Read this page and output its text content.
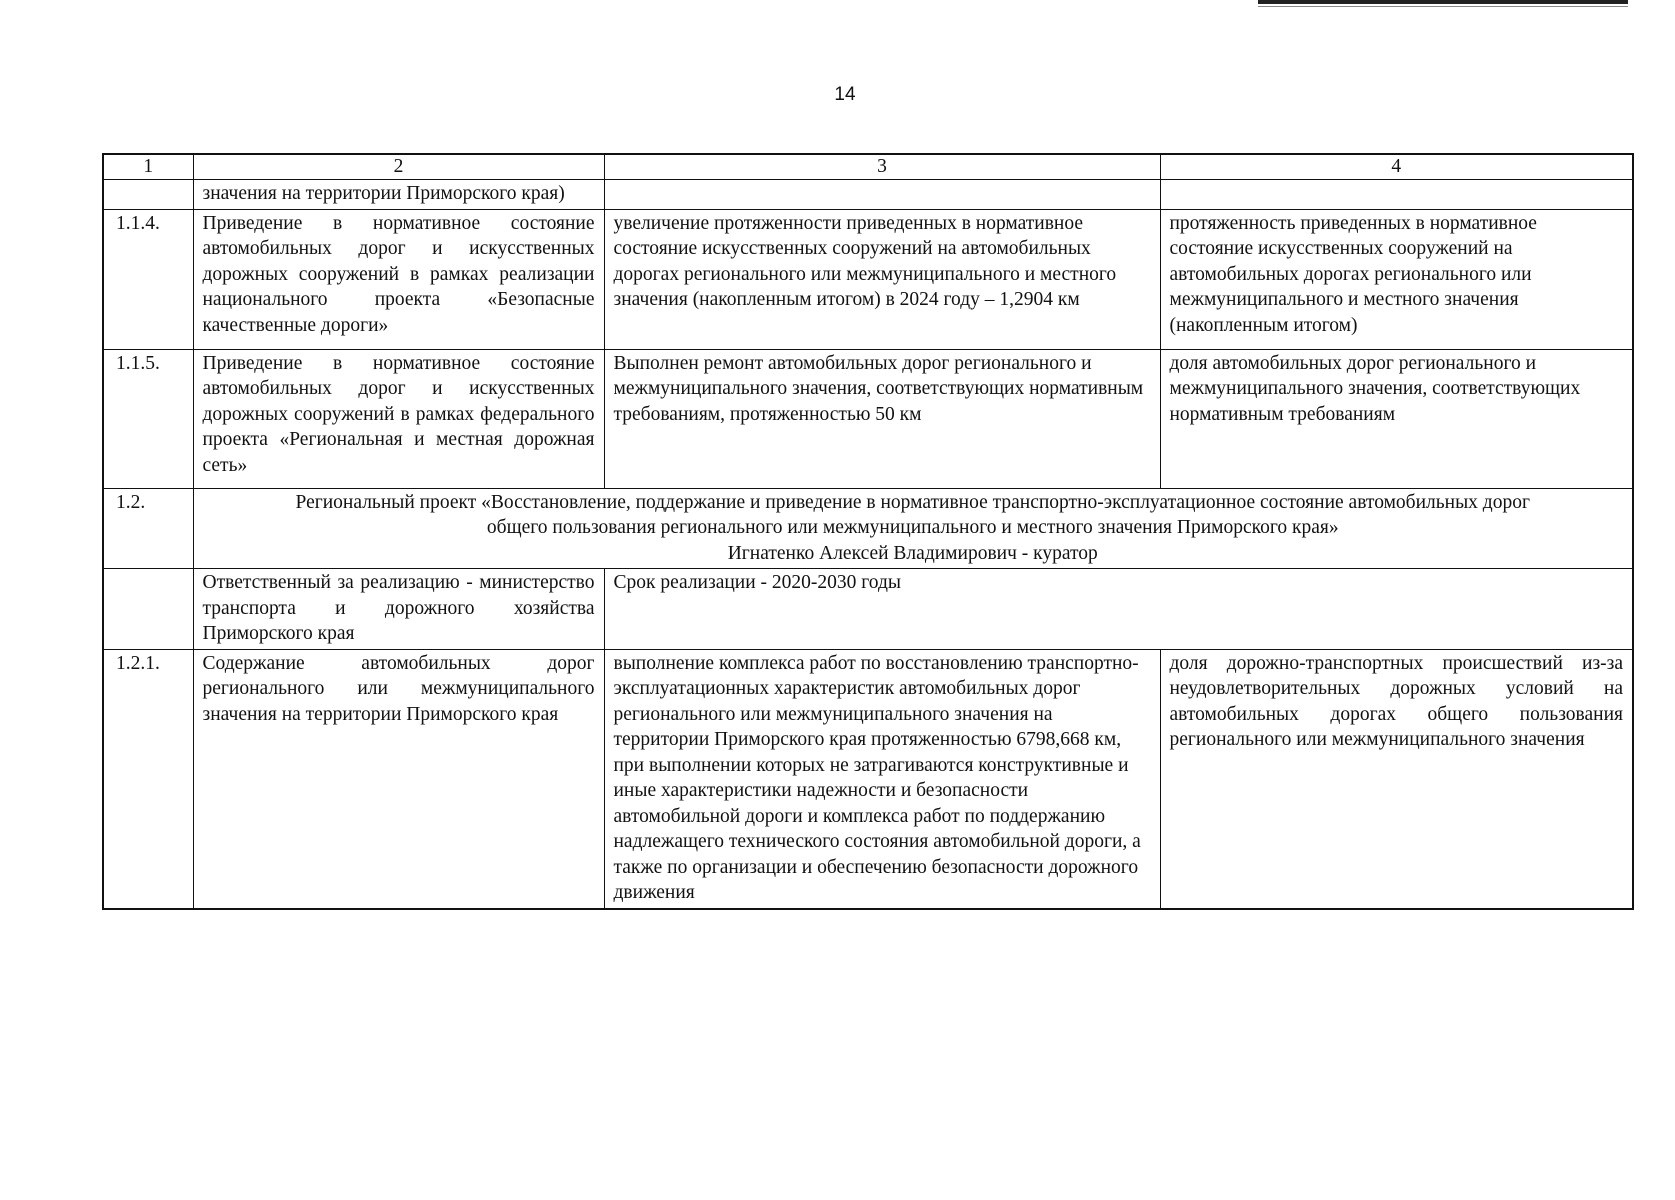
14
1	2	3	4
	значения на территории Приморского края)		
1.1.4.	Приведение в нормативное состояние автомобильных дорог и искусственных дорожных сооружений в рамках реализации национального проекта «Безопасные качественные дороги»	увеличение протяженности приведенных в нормативное состояние искусственных сооружений на автомобильных дорогах регионального или межмуниципального и местного значения (накопленным итогом) в 2024 году – 1,2904 км	протяженность приведенных в нормативное состояние искусственных сооружений на автомобильных дорогах регионального или межмуниципального и местного значения (накопленным итогом)
1.1.5.	Приведение в нормативное состояние автомобильных дорог и искусственных дорожных сооружений в рамках федерального проекта «Региональная и местная дорожная сеть»	Выполнен ремонт автомобильных дорог регионального и межмуниципального значения, соответствующих нормативным требованиям, протяженностью 50 км	доля автомобильных дорог регионального и межмуниципального значения, соответствующих нормативным требованиям
1.2.	Региональный проект «Восстановление, поддержание и приведение в нормативное транспортно-эксплуатационное состояние автомобильных дорог
общего пользования регионального или межмуниципального и местного значения Приморского края»
Игнатенко Алексей Владимирович - куратор		

	Ответственный за реализацию - министерство транспорта и дорожного хозяйства Приморского края	Срок реализации - 2020-2030 годы	
1.2.1.	Содержание автомобильных дорог регионального или межмуниципального значения на территории Приморского края	выполнение комплекса работ по восстановлению транспортно-эксплуатационных характеристик автомобильных дорог регионального или межмуниципального значения на территории Приморского края протяженностью 6798,668 км, при выполнении которых не затрагиваются конструктивные и иные характеристики надежности и безопасности автомобильной дороги и комплекса работ по поддержанию надлежащего технического состояния автомобильной дороги, а также по организации и обеспечению безопасности дорожного движения	доля дорожно-транспортных происшествий из-за неудовлетворительных дорожных условий на автомобильных дорогах общего пользования регионального или межмуниципального значения
